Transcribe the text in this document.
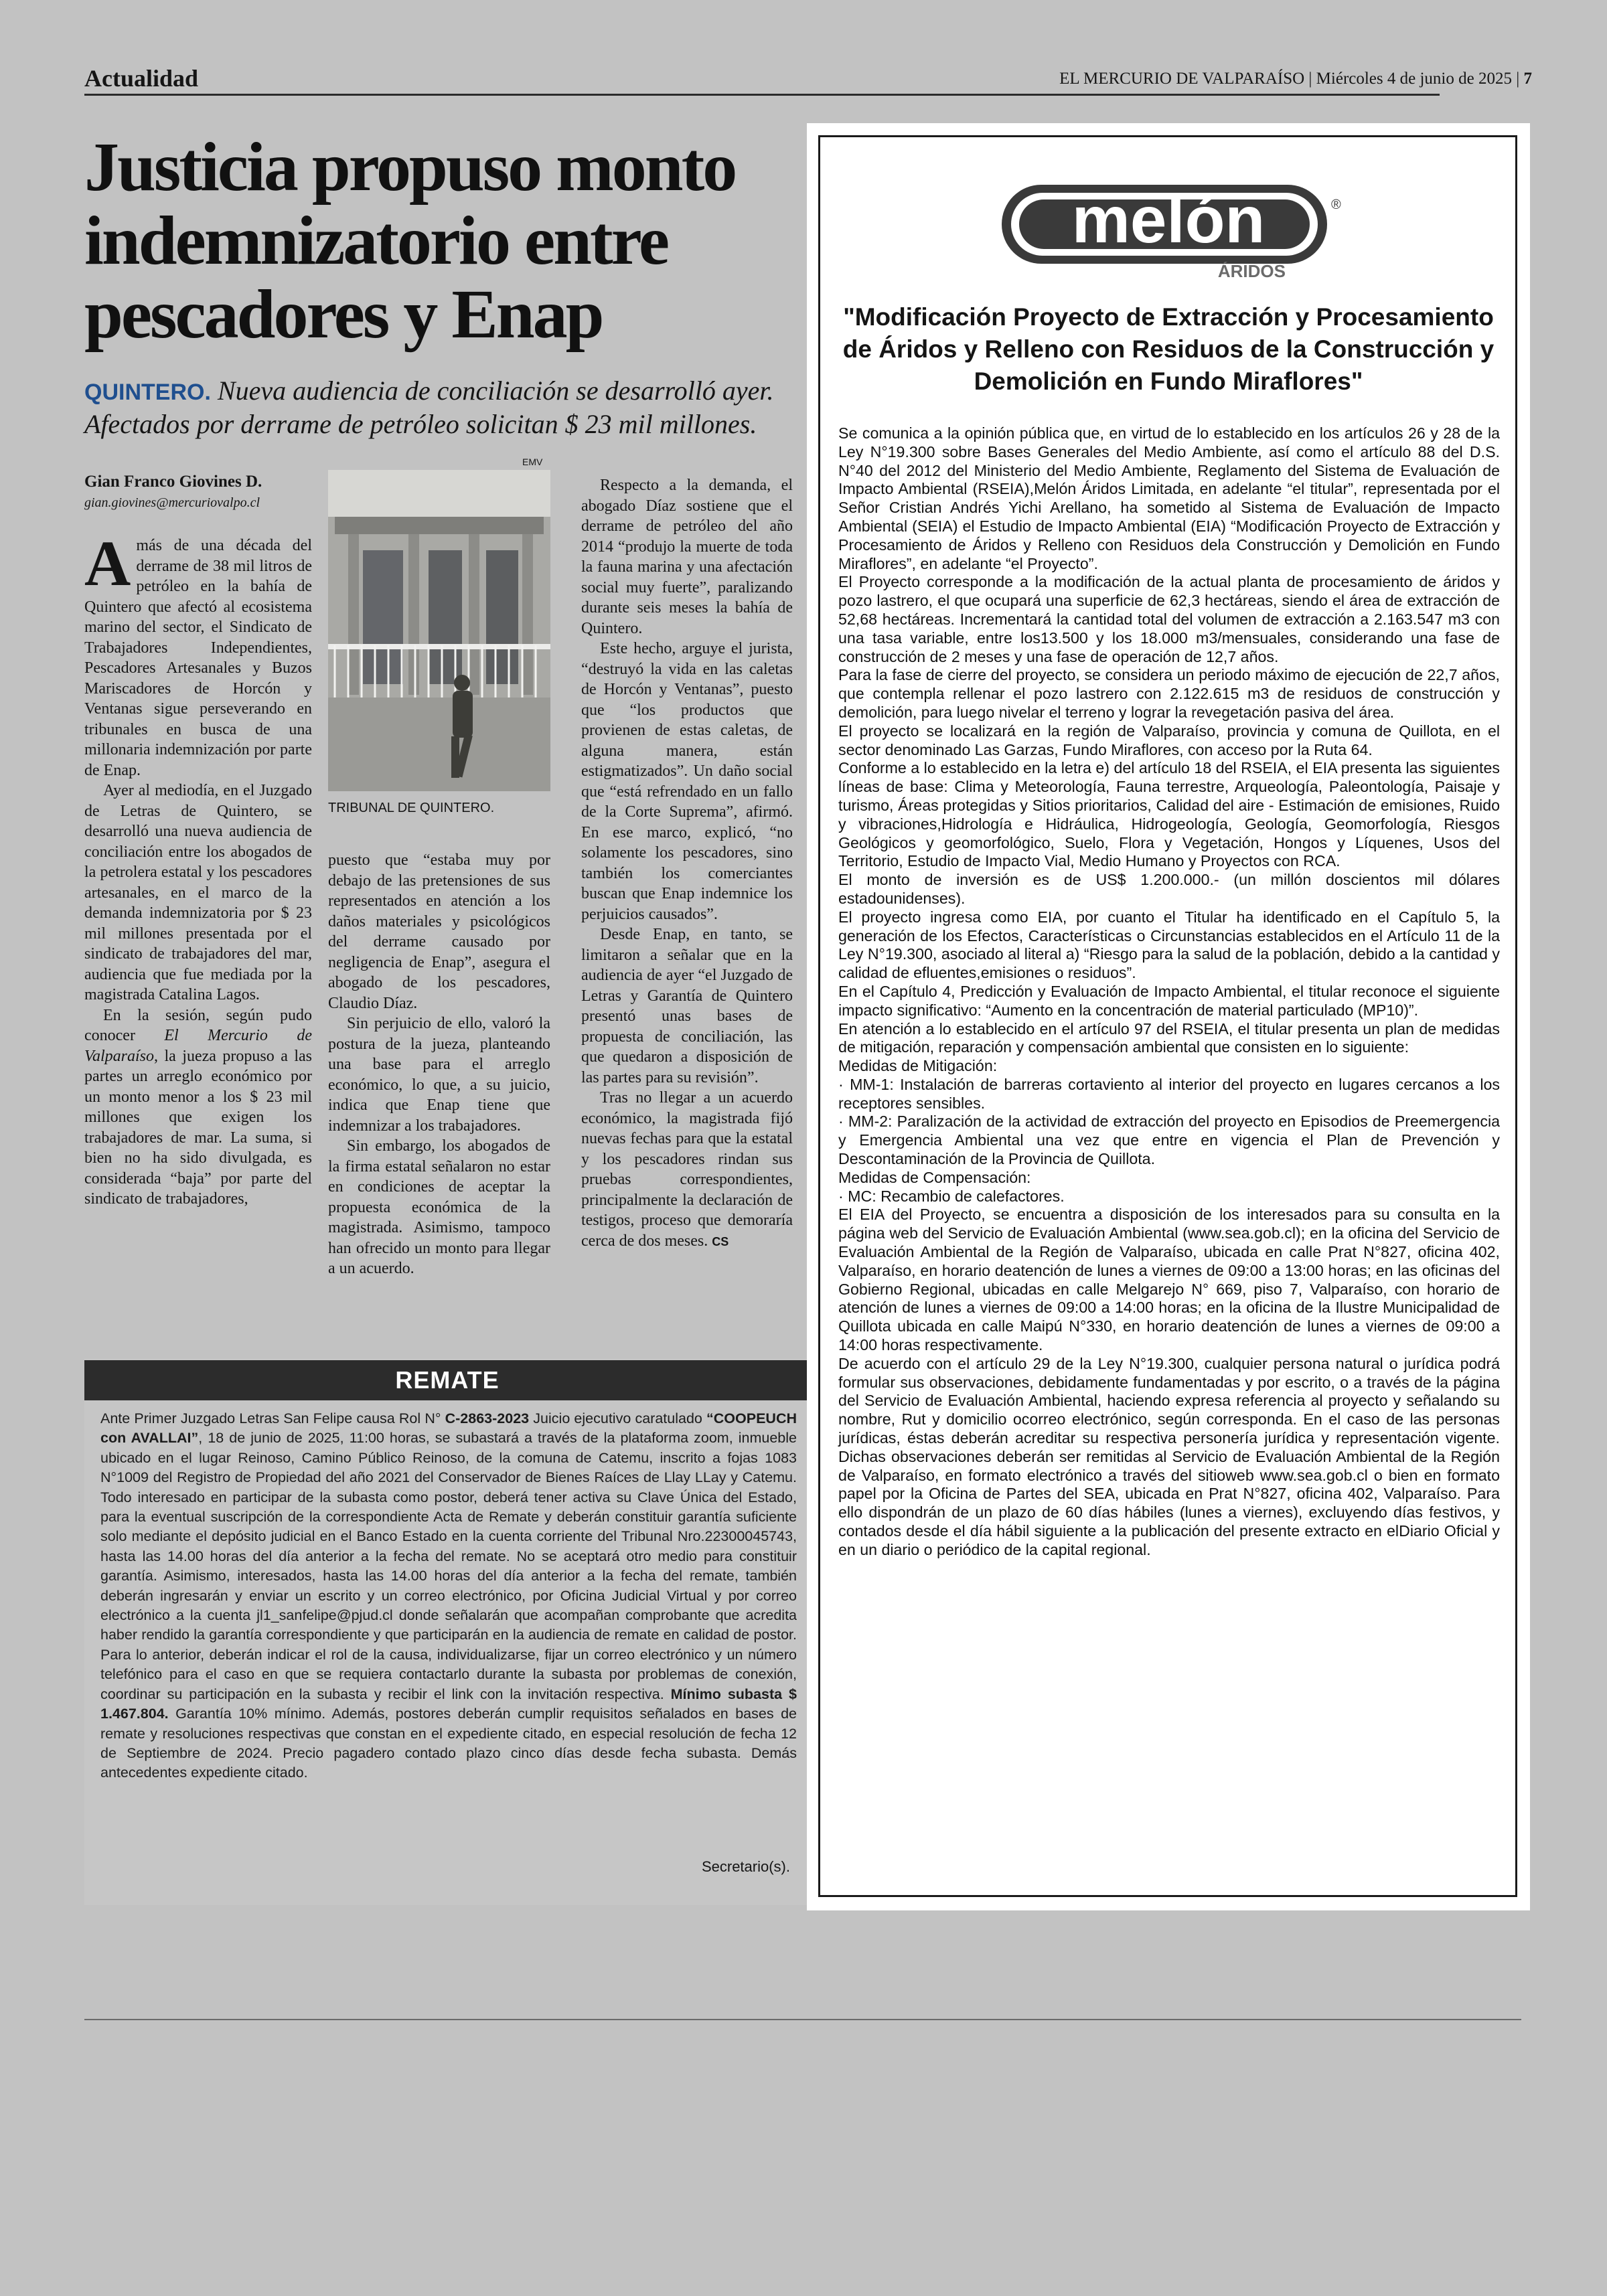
Actualidad	EL MERCURIO DE VALPARAÍSO | Miércoles 4 de junio de 2025 | 7
Justicia propuso monto indemnizatorio entre pescadores y Enap
QUINTERO. Nueva audiencia de conciliación se desarrolló ayer. Afectados por derrame de petróleo solicitan $ 23 mil millones.
Gian Franco Giovines D.
gian.giovines@mercuriovalpo.cl

Amás de una década del derrame de 38 mil litros de petróleo en la bahía de Quintero que afectó al ecosistema marino del sector, el Sindicato de Trabajadores Independientes, Pescadores Artesanales y Buzos Mariscadores de Horcón y Ventanas sigue perseverando en tribunales en busca de una millonaria indemnización por parte de Enap.

Ayer al mediodía, en el Juzgado de Letras de Quintero, se desarrolló una nueva audiencia de conciliación entre los abogados de la petrolera estatal y los pescadores artesanales, en el marco de la demanda indemnizatoria por $ 23 mil millones presentada por el sindicato de trabajadores del mar, audiencia que fue mediada por la magistrada Catalina Lagos.

En la sesión, según pudo conocer El Mercurio de Valparaíso, la jueza propuso a las partes un arreglo económico por un monto menor a los $ 23 mil millones que exigen los trabajadores de mar. La suma, si bien no ha sido divulgada, es considerada “baja” por parte del sindicato de trabajadores,

EMV
TRIBUNAL DE QUINTERO.

puesto que “estaba muy por debajo de las pretensiones de sus representados en atención a los daños materiales y psicológicos del derrame causado por negligencia de Enap”, asegura el abogado de los pescadores, Claudio Díaz.

Sin perjuicio de ello, valoró la postura de la jueza, planteando una base para el arreglo económico, lo que, a su juicio, indica que Enap tiene que indemnizar a los trabajadores.

Sin embargo, los abogados de la firma estatal señalaron no estar en condiciones de aceptar la propuesta económica de la magistrada. Asimismo, tampoco han ofrecido un monto para llegar a un acuerdo.

Respecto a la demanda, el abogado Díaz sostiene que el derrame de petróleo del año 2014 “produjo la muerte de toda la fauna marina y una afectación social muy fuerte”, paralizando durante seis meses la bahía de Quintero.

Este hecho, arguye el jurista, “destruyó la vida en las caletas de Horcón y Ventanas”, puesto que “los productos que provienen de estas caletas, de alguna manera, están estigmatizados”. Un daño social que “está refrendado en un fallo de la Corte Suprema”, afirmó. En ese marco, explicó, “no solamente los pescadores, sino también los comerciantes buscan que Enap indemnice los perjuicios causados”.

Desde Enap, en tanto, se limitaron a señalar que en la audiencia de ayer “el Juzgado de Letras y Garantía de Quintero presentó unas bases de propuesta de conciliación, las que quedaron a disposición de las partes para su revisión”.

Tras no llegar a un acuerdo económico, la magistrada fijó nuevas fechas para que la estatal y los pescadores rindan sus pruebas correspondientes, principalmente la declaración de testigos, proceso que demoraría cerca de dos meses. CS

REMATE
Ante Primer Juzgado Letras San Felipe causa Rol N° C-2863-2023 Juicio ejecutivo caratulado “COOPEUCH con AVALLAI”, 18 de junio de 2025, 11:00 horas, se subastará a través de la plataforma zoom, inmueble ubicado en el lugar Reinoso, Camino Público Reinoso, de la comuna de Catemu, inscrito a fojas 1083 N°1009 del Registro de Propiedad del año 2021 del Conservador de Bienes Raíces de Llay LLay y Catemu. Todo interesado en participar de la subasta como postor, deberá tener activa su Clave Única del Estado, para la eventual suscripción de la correspondiente Acta de Remate y deberán constituir garantía suficiente solo mediante el depósito judicial en el Banco Estado en la cuenta corriente del Tribunal Nro.22300045743, hasta las 14.00 horas del día anterior a la fecha del remate. No se aceptará otro medio para constituir garantía. Asimismo, interesados, hasta las 14.00 horas del día anterior a la fecha del remate, también deberán ingresarán y enviar un escrito y un correo electrónico, por Oficina Judicial Virtual y por correo electrónico a la cuenta jl1_sanfelipe@pjud.cl donde señalarán que acompañan comprobante que acredita haber rendido la garantía correspondiente y que participarán en la audiencia de remate en calidad de postor. Para lo anterior, deberán indicar el rol de la causa, individualizarse, fijar un correo electrónico y un número telefónico para el caso en que se requiera contactarlo durante la subasta por problemas de conexión, coordinar su participación en la subasta y recibir el link con la invitación respectiva. Mínimo subasta $ 1.467.804. Garantía 10% mínimo. Además, postores deberán cumplir requisitos señalados en bases de remate y resoluciones respectivas que constan en el expediente citado, en especial resolución de fecha 12 de Septiembre de 2024. Precio pagadero contado plazo cinco días desde fecha subasta. Demás antecedentes expediente citado.
Secretario(s).
melón	®
ÁRIDOS
"Modificación Proyecto de Extracción y Procesamiento de Áridos y Relleno con Residuos de la Construcción y Demolición en Fundo Miraflores"

Se comunica a la opinión pública que, en virtud de lo establecido en los artículos 26 y 28 de la Ley N°19.300 sobre Bases Generales del Medio Ambiente, así como el artículo 88 del D.S. N°40 del 2012 del Ministerio del Medio Ambiente, Reglamento del Sistema de Evaluación de Impacto Ambiental (RSEIA),Melón Áridos Limitada, en adelante “el titular”, representada por el Señor Cristian Andrés Yichi Arellano, ha sometido al Sistema de Evaluación de Impacto Ambiental (SEIA) el Estudio de Impacto Ambiental (EIA) “Modificación Proyecto de Extracción y Procesamiento de Áridos y Relleno con Residuos dela Construcción y Demolición en Fundo Miraflores”, en adelante “el Proyecto”.

El Proyecto corresponde a la modificación de la actual planta de procesamiento de áridos y pozo lastrero, el que ocupará una superficie de 62,3 hectáreas, siendo el área de extracción de 52,68 hectáreas. Incrementará la cantidad total del volumen de extracción a 2.163.547 m3 con una tasa variable, entre los13.500 y los 18.000 m3/mensuales, considerando una fase de construcción de 2 meses y una fase de operación de 12,7 años.

Para la fase de cierre del proyecto, se considera un periodo máximo de ejecución de 22,7 años, que contempla rellenar el pozo lastrero con 2.122.615 m3 de residuos de construcción y demolición, para luego nivelar el terreno y lograr la revegetación pasiva del área.

El proyecto se localizará en la región de Valparaíso, provincia y comuna de Quillota, en el sector denominado Las Garzas, Fundo Miraflores, con acceso por la Ruta 64.

Conforme a lo establecido en la letra e) del artículo 18 del RSEIA, el EIA presenta las siguientes líneas de base: Clima y Meteorología, Fauna terrestre, Arqueología, Paleontología, Paisaje y turismo, Áreas protegidas y Sitios prioritarios, Calidad del aire - Estimación de emisiones, Ruido y vibraciones,Hidrología e Hidráulica, Hidrogeología, Geología, Geomorfología, Riesgos Geológicos y geomorfológico, Suelo, Flora y Vegetación, Hongos y Líquenes, Usos del Territorio, Estudio de Impacto Vial, Medio Humano y Proyectos con RCA.

El monto de inversión es de US$ 1.200.000.- (un millón doscientos mil dólares estadounidenses).

El proyecto ingresa como EIA, por cuanto el Titular ha identificado en el Capítulo 5, la generación de los Efectos, Características o Circunstancias establecidos en el Artículo 11 de la Ley N°19.300, asociado al literal a) “Riesgo para la salud de la población, debido a la cantidad y calidad de efluentes,emisiones o residuos”.

En el Capítulo 4, Predicción y Evaluación de Impacto Ambiental, el titular reconoce el siguiente impacto significativo: “Aumento en la concentración de material particulado (MP10)”.

En atención a lo establecido en el artículo 97 del RSEIA, el titular presenta un plan de medidas de mitigación, reparación y compensación ambiental que consisten en lo siguiente:

Medidas de Mitigación:

· MM-1: Instalación de barreras cortaviento al interior del proyecto en lugares cercanos a los receptores sensibles.

· MM-2: Paralización de la actividad de extracción del proyecto en Episodios de Preemergencia y Emergencia Ambiental una vez que entre en vigencia el Plan de Prevención y Descontaminación de la Provincia de Quillota.

Medidas de Compensación:

· MC: Recambio de calefactores.

El EIA del Proyecto, se encuentra a disposición de los interesados para su consulta en la página web del Servicio de Evaluación Ambiental (www.sea.gob.cl); en la oficina del Servicio de Evaluación Ambiental de la Región de Valparaíso, ubicada en calle Prat N°827, oficina 402, Valparaíso, en horario deatención de lunes a viernes de 09:00 a 13:00 horas; en las oficinas del Gobierno Regional, ubicadas en calle Melgarejo N° 669, piso 7, Valparaíso, con horario de atención de lunes a viernes de 09:00 a 14:00 horas; en la oficina de la Ilustre Municipalidad de Quillota ubicada en calle Maipú N°330, en horario deatención de lunes a viernes de 09:00 a 14:00 horas respectivamente.

De acuerdo con el artículo 29 de la Ley N°19.300, cualquier persona natural o jurídica podrá formular sus observaciones, debidamente fundamentadas y por escrito, o a través de la página del Servicio de Evaluación Ambiental, haciendo expresa referencia al proyecto y señalando su nombre, Rut y domicilio ocorreo electrónico, según corresponda. En el caso de las personas jurídicas, éstas deberán acreditar su respectiva personería jurídica y representación vigente. Dichas observaciones deberán ser remitidas al Servicio de Evaluación Ambiental de la Región de Valparaíso, en formato electrónico a través del sitioweb www.sea.gob.cl o bien en formato papel por la Oficina de Partes del SEA, ubicada en Prat N°827, oficina 402, Valparaíso. Para ello dispondrán de un plazo de 60 días hábiles (lunes a viernes), excluyendo días festivos, y contados desde el día hábil siguiente a la publicación del presente extracto en elDiario Oficial y en un diario o periódico de la capital regional.
